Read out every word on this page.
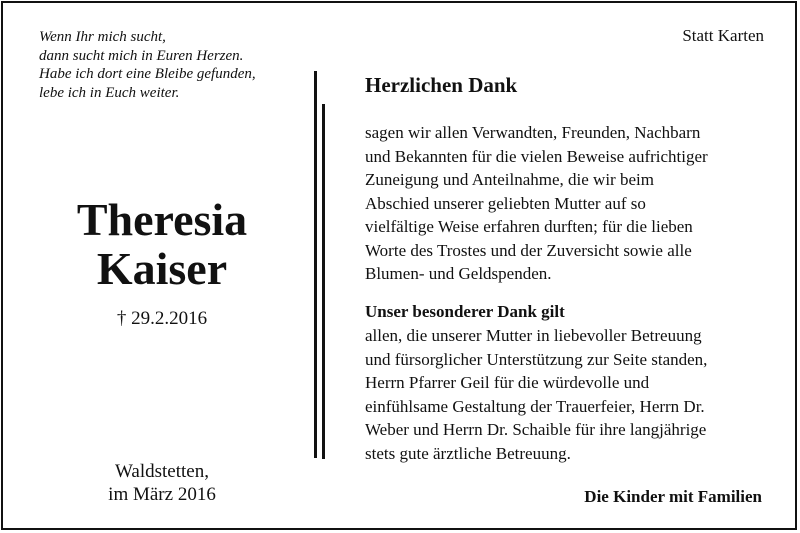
Wenn Ihr mich sucht,
dann sucht mich in Euren Herzen.
Habe ich dort eine Bleibe gefunden,
lebe ich in Euch weiter.
Theresia
Kaiser
† 29.2.2016
Waldstetten,
im März 2016
Statt Karten
Herzlichen Dank
sagen wir allen Verwandten, Freunden, Nachbarn
und Bekannten für die vielen Beweise aufrichtiger
Zuneigung und Anteilnahme, die wir beim
Abschied unserer geliebten Mutter auf so
vielfältige Weise erfahren durften; für die lieben
Worte des Trostes und der Zuversicht sowie alle
Blumen- und Geldspenden.
Unser besonderer Dank gilt
allen, die unserer Mutter in liebevoller Betreuung
und fürsorglicher Unterstützung zur Seite standen,
Herrn Pfarrer Geil für die würdevolle und
einfühlsame Gestaltung der Trauerfeier, Herrn Dr.
Weber und Herrn Dr. Schaible für ihre langjährige
stets gute ärztliche Betreuung.
Die Kinder mit Familien
